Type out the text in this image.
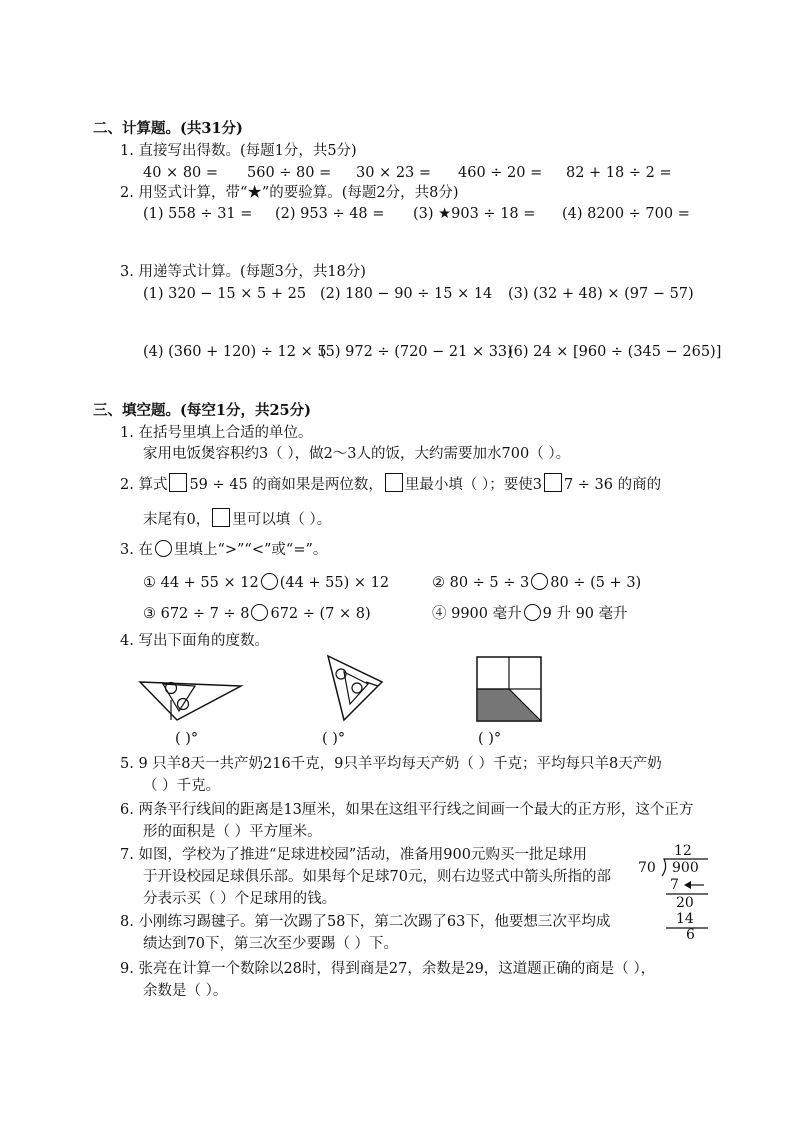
二、计算题。(共31分)
1. 直接写出得数。(每题1分，共5分)
40 × 80 = 560 ÷ 80 = 30 × 23 = 460 ÷ 20 = 82 + 18 ÷ 2 =
2. 用竖式计算，带“★”的要验算。(每题2分，共8分)
(1) 558 ÷ 31 = (2) 953 ÷ 48 = (3) ★903 ÷ 18 = (4) 8200 ÷ 700 =
3. 用递等式计算。(每题3分，共18分)
(1) 320 − 15 × 5 + 25 (2) 180 − 90 ÷ 15 × 14 (3) (32 + 48) × (97 − 57)
(4) (360 + 120) ÷ 12 × 5
(5) 972 ÷ (720 − 21 × 33)
(6) 24 × [960 ÷ (345 − 265)]
三、填空题。(每空1分，共25分)
1. 在括号里填上合适的单位。
家用电饭煲容积约3（ ），做2～3人的饭，大约需要加水700（ ）。
2. 算式 59 ÷ 45 的商如果是两位数， 里最小填（ ）；要使3 7 ÷ 36 的商的
末尾有0， 里可以填（ ）。
3. 在 里填上“>”“<”或“=”。
① 44 + 55 × 12 (44 + 55) × 12	② 80 ÷ 5 ÷ 3 80 ÷ (5 + 3)
③ 672 ÷ 7 ÷ 8 672 ÷ (7 × 8)	④ 9900 毫升 9 升 90 毫升
4. 写出下面角的度数。
( )°	( )°	( )°
5. 9 只羊8天一共产奶216千克，9只羊平均每天产奶（ ）千克；平均每只羊8天产奶
（ ）千克。
6. 两条平行线间的距离是13厘米，如果在这组平行线之间画一个最大的正方形，这个正方
形的面积是（ ）平方厘米。
7. 如图，学校为了推进“足球进校园”活动，准备用900元购买一批足球用
于开设校园足球俱乐部。如果每个足球70元，则右边竖式中箭头所指的部
分表示买（ ）个足球用的钱。
12
70 900
7
20
14
6
8. 小刚练习踢毽子。第一次踢了58下，第二次踢了63下，他要想三次平均成
绩达到70下，第三次至少要踢（ ）下。
9. 张亮在计算一个数除以28时，得到商是27，余数是29，这道题正确的商是（ ），
余数是（ ）。
